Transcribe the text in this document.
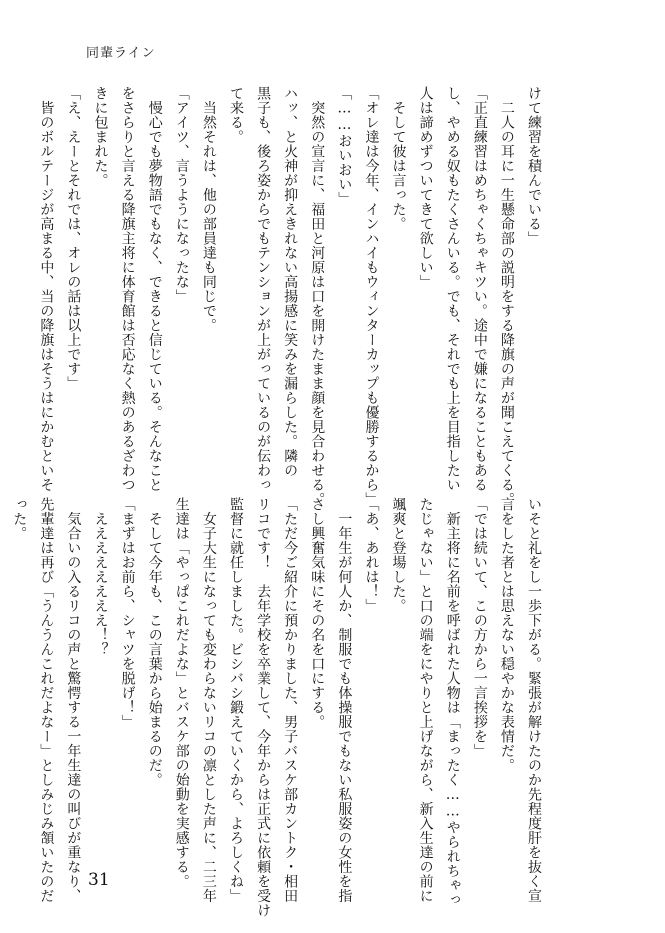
同輩ライン
けて練習を積んでいる」
　二人の耳に一生懸命部の説明をする降旗の声が聞こえてくる。
「正直練習はめちゃくちゃキツい。途中で嫌になることもある
し、やめる奴もたくさんいる。でも、それでも上を目指したい
人は諦めずついてきて欲しい」
　そして彼は言った。
「オレ達は今年、インハイもウィンターカップも優勝するから」
「……おいおい」
　突然の宣言に、福田と河原は口を開けたまま顔を見合わせる。
ハッ、と火神が抑えきれない高揚感に笑みを漏らした。隣の
黒子も、後ろ姿からでもテンションが上がっているのが伝わっ
て来る。
　当然それは、他の部員達も同じで。
「アイツ、言うようになったな」
　慢心でも夢物語でもなく、できると信じている。そんなこと
をさらりと言える降旗主将に体育館は否応なく熱のあるざわつ
きに包まれた。
「え、えーとそれでは、オレの話は以上です」
　皆のボルテージが高まる中、当の降旗はそうはにかむといそ
いそと礼をし一歩下がる。緊張が解けたのか先程度肝を抜く宣
言をした者とは思えない穏やかな表情だ。
「では続いて、この方から一言挨拶を」
　新主将に名前を呼ばれた人物は「まったく……やられちゃっ
たじゃない」と口の端をにやりと上げながら、新入生達の前に
颯爽と登場した。
「あ、あれは！」
　一年生が何人か、制服でも体操服でもない私服姿の女性を指
さし興奮気味にその名を口にする。
「ただ今ご紹介に預かりました、男子バスケ部カントク・相田
リコです！　去年学校を卒業して、今年からは正式に依頼を受け
監督に就任しました。ビシバシ鍛えていくから、よろしくね」
　女子大生になっても変わらないリコの凛とした声に、二三年
生達は「やっぱこれだよな」とバスケ部の始動を実感する。
　そして今年も、この言葉から始まるのだ。
「まずはお前ら、シャツを脱げ！」
　ええええええええ！？
　気合いの入るリコの声と驚愕する一年生達の叫びが重なり、
先輩達は再び「うんうんこれだよなー」としみじみ頷いたのだ
った。
31
